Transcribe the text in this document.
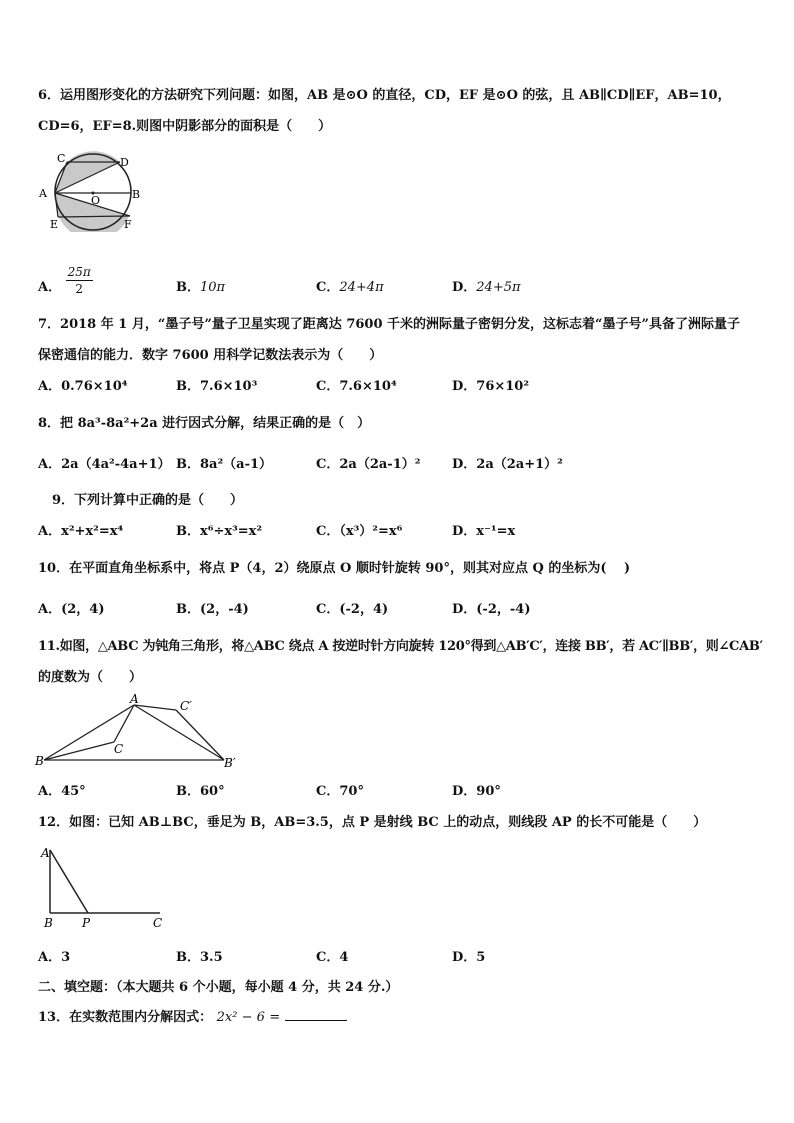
6．运用图形变化的方法研究下列问题：如图，AB 是⊙O 的直径，CD，EF 是⊙O 的弦，且 AB∥CD∥EF，AB=10，
CD=6，EF=8.则图中阴影部分的面积是（　　）
C	D
A
O	B
E	F
A． $\frac{25\pi}{2}$	B．10π	C．24+4π	D．24+5π
7．2018 年 1 月，“墨子号”量子卫星实现了距离达 7600 千米的洲际量子密钥分发，这标志着“墨子号”具备了洲际量子
保密通信的能力．数字 7600 用科学记数法表示为（　　）
A．0.76×10⁴	B．7.6×10³	C．7.6×10⁴	D．76×10²
8．把 8a³-8a²+2a 进行因式分解，结果正确的是（　）
A．2a（4a²-4a+1） B．8a²（a-1）	C．2a（2a-1）² D．2a（2a+1）²
9．下列计算中正确的是（　　）
A．x²+x²=x⁴	B．x⁶÷x³=x²	C．（x³）²=x⁶	D．x⁻¹=x
10．在平面直角坐标系中，将点 P（4，2）绕原点 O 顺时针旋转 90°，则其对应点 Q 的坐标为(　 )
A．(2，4)	B．(2，-4)	C．(-2，4)	D．(-2，-4)
11.如图，△ABC 为钝角三角形，将△ABC 绕点 A 按逆时针方向旋转 120°得到△AB′C′，连接 BB′，若 AC′∥BB′，则∠CAB′
的度数为（　　）
A	C′
C
B	B′
A．45°	B．60°	C．70°	D．90°
12．如图：已知 AB⊥BC，垂足为 B，AB=3.5，点 P 是射线 BC 上的动点，则线段 AP 的长不可能是（　　）
A
B P	C
A．3	B．3.5	C．4	D．5
二、填空题：（本大题共 6 个小题，每小题 4 分，共 24 分.）
13．在实数范围内分解因式： 2x² − 6 =
